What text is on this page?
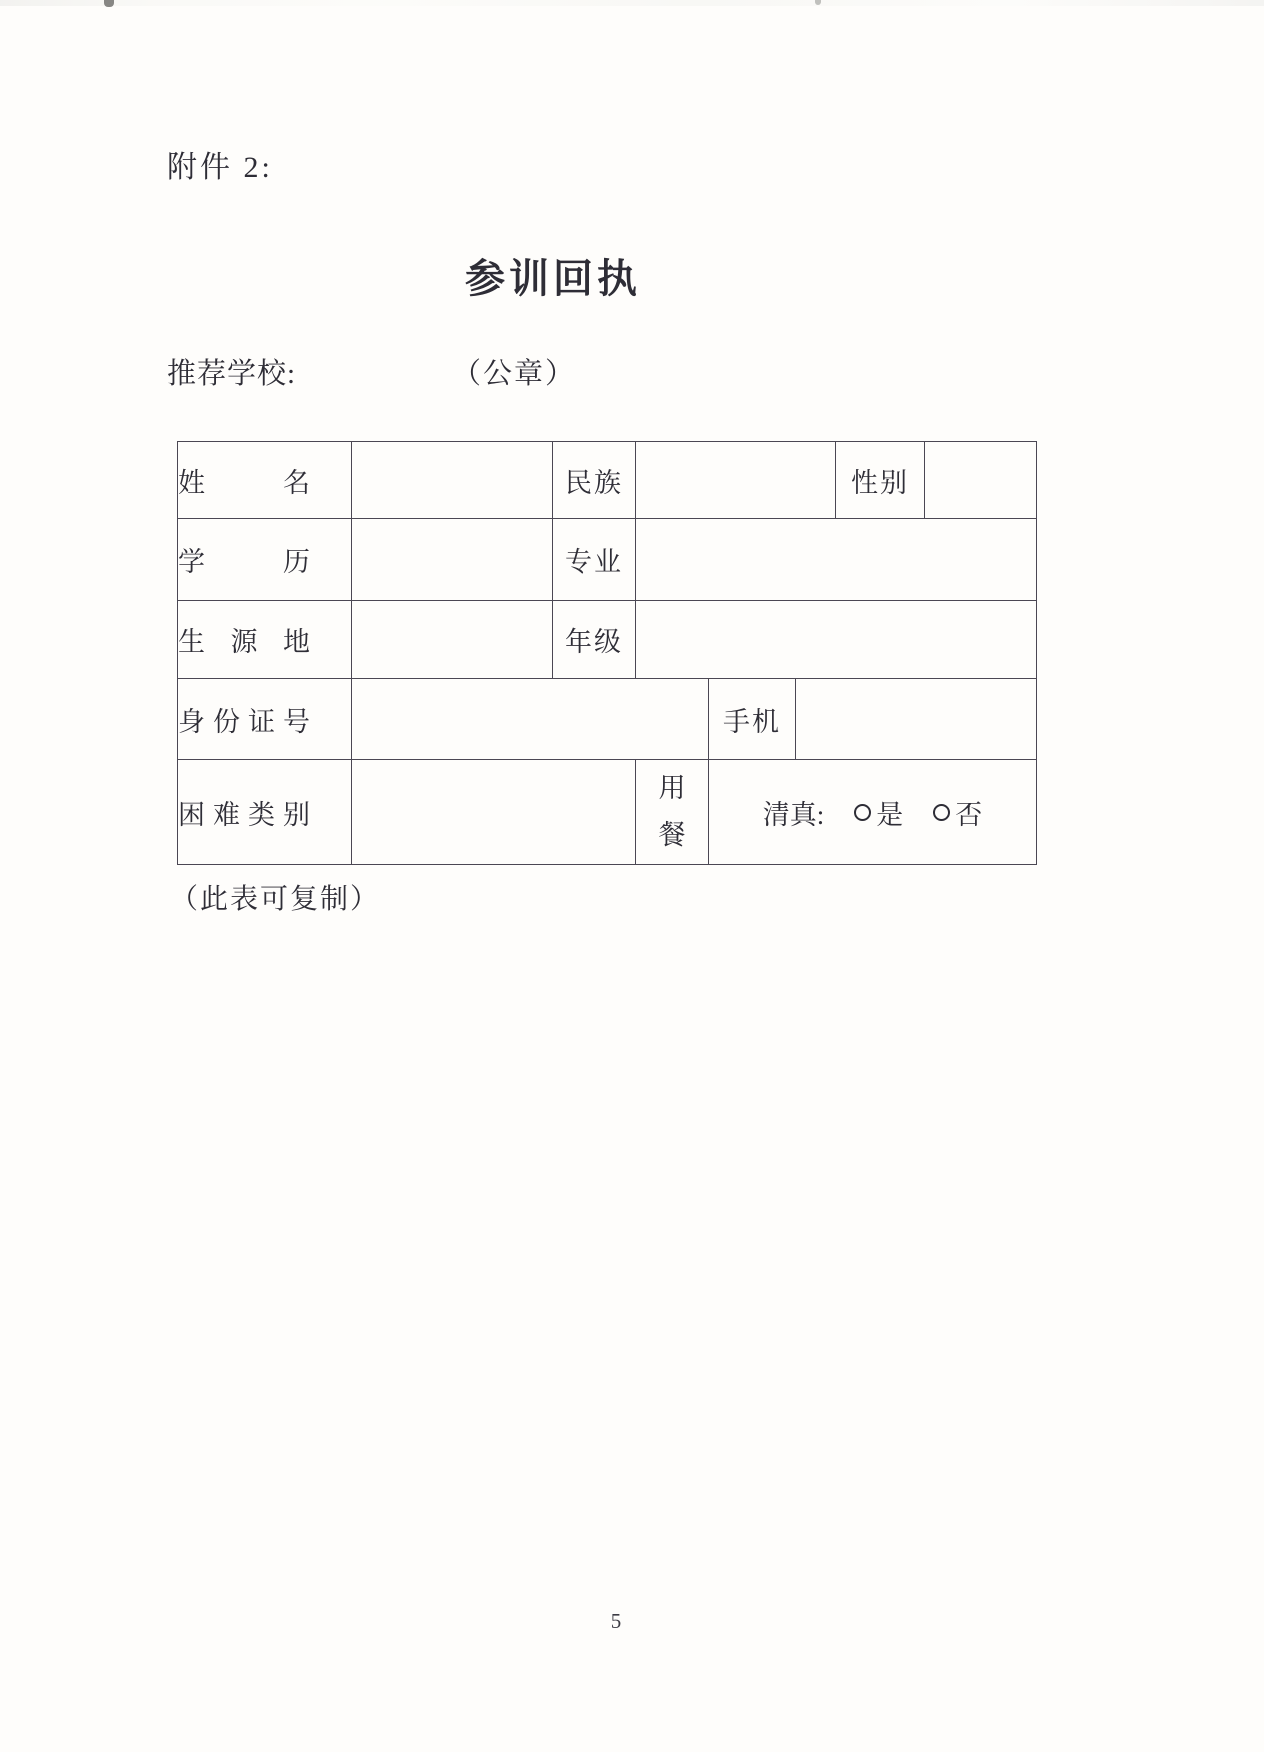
附件 2:
参训回执
推荐学校:	（公章）
姓名		民族				性别	
学历		专业					
生源地		年级					
身份证号				手机			
困难类别			用餐	清真: 是 否			
（此表可复制）
5
